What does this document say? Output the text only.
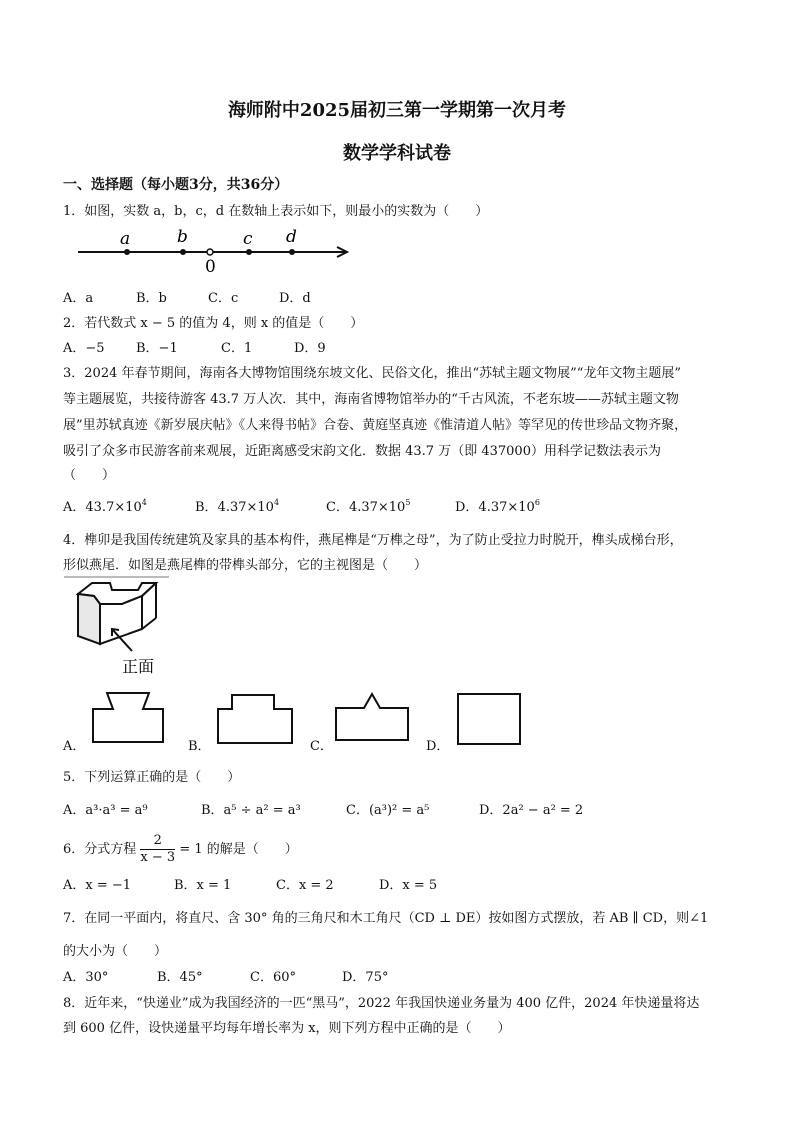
海师附中2025届初三第一学期第一次月考
数学学科试卷
一、选择题（每小题3分，共36分）
1．如图，实数 a，b，c，d 在数轴上表示如下，则最小的实数为（　　）
a	b
0
c d
A．a	B．b	C．c	D．d
2．若代数式 x − 5 的值为 4，则 x 的值是（　　）
A．−5 B．−1	C．1	D．9
3．2024 年春节期间，海南各大博物馆围绕东坡文化、民俗文化，推出“苏轼主题文物展”“龙年文物主题展”
等主题展览，共接待游客 43.7 万人次．其中，海南省博物馆举办的“千古风流，不老东坡——苏轼主题文物
展”里苏轼真迹《新岁展庆帖》《人来得书帖》合卷、黄庭坚真迹《惟清道人帖》等罕见的传世珍品文物齐聚，
吸引了众多市民游客前来观展，近距离感受宋韵文化．数据 43.7 万（即 437000）用科学记数法表示为
（　　）
A．$43.7\times 10^4$	B．$4.37\times 10^4$	C．$4.37\times 10^5$	D．$4.37\times 10^6$
4．榫卯是我国传统建筑及家具的基本构件，燕尾榫是“万榫之母”，为了防止受拉力时脱开，榫头成梯台形，
形似燕尾．如图是燕尾榫的带榫头部分，它的主视图是（　　）
正面
A．	B．	C．	D．
5．下列运算正确的是（　　）
A．a³·a³ = a⁹	B．a⁵ ÷ a² = a³	C．(a³)² = a⁵	D．2a² − a² = 2
6．分式方程 $\frac{2}{x - 3} = 1$ 的解是（　　）
A．x = −1	B．x = 1	C．x = 2	D．x = 5
7．在同一平面内，将直尺、含 30° 角的三角尺和木工角尺（CD ⊥ DE）按如图方式摆放，若 AB ∥ CD，则∠1
的大小为（　　）
A．30°	B．45°	C．60°	D．75°
8．近年来，“快递业”成为我国经济的一匹“黑马”，2022 年我国快递业务量为 400 亿件，2024 年快递量将达
到 600 亿件，设快递量平均每年增长率为 x，则下列方程中正确的是（　　）
